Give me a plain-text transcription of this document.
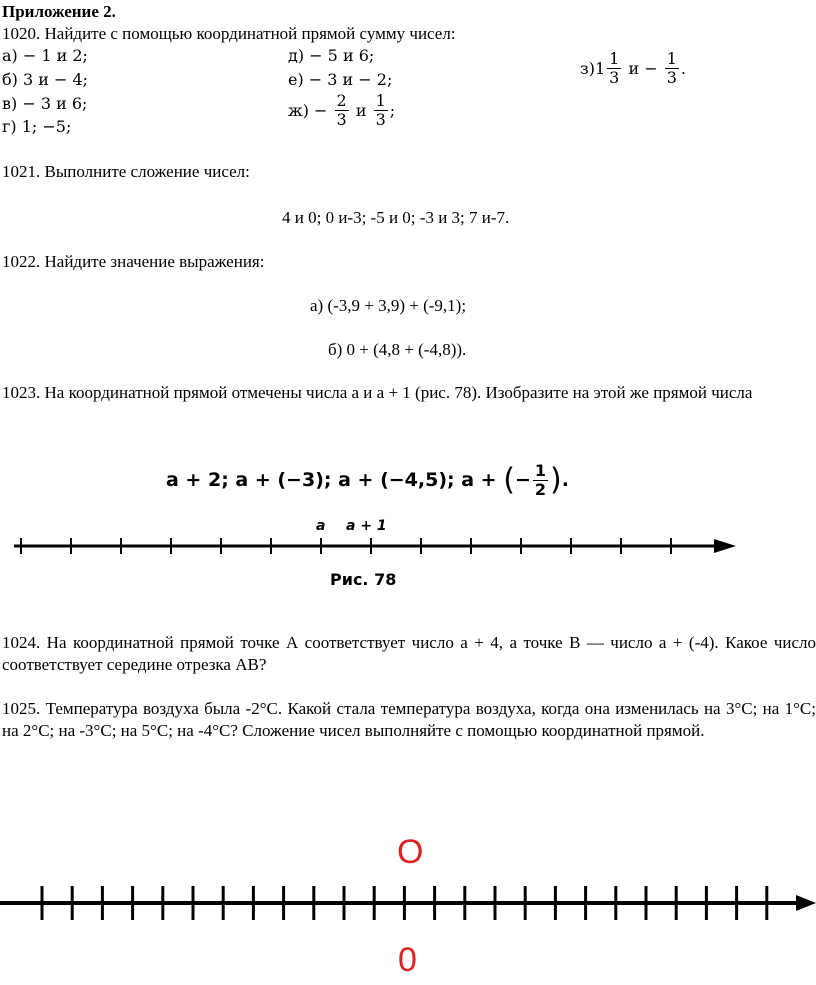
Приложение 2.
1020. Найдите с помощью координатной прямой сумму чисел:
а) − 1 и 2;
б) 3 и − 4;
в) − 3 и 6;
г) 1; −5;
д) − 5 и 6;
е) − 3 и − 2;
$ж) - \frac{2}{3}$ и $\frac{1}{3}$ ;
$з)1 \frac{1}{3}$ $и - \frac{1}{3}$ .
1021. Выполните сложение чисел:
4 и 0; 0 и-3; -5 и 0; -3 и 3; 7 и-7.
1022. Найдите значение выражения:
а) (-3,9 + 3,9) + (-9,1);
б) 0 + (4,8 + (-4,8)).
1023. На координатной прямой отмечены числа a и a + 1 (рис. 78). Изобразите на этой же прямой числа
a + 2; a + (−3); a + (−4,5); a + (− $\frac{1}{2}$ ).
a a + 1
Рис. 78
1024. На координатной прямой точке А соответствует число а + 4, а точке В — число а + (-4). Какое число соответствует середине отрезка АВ?
1025. Температура воздуха была -2°С. Какой стала температура воздуха, когда она изменилась на 3°С; на 1°С; на 2°С; на -3°С; на 5°С; на -4°С? Сложение чисел выполняйте с помощью координатной прямой.
О
0
